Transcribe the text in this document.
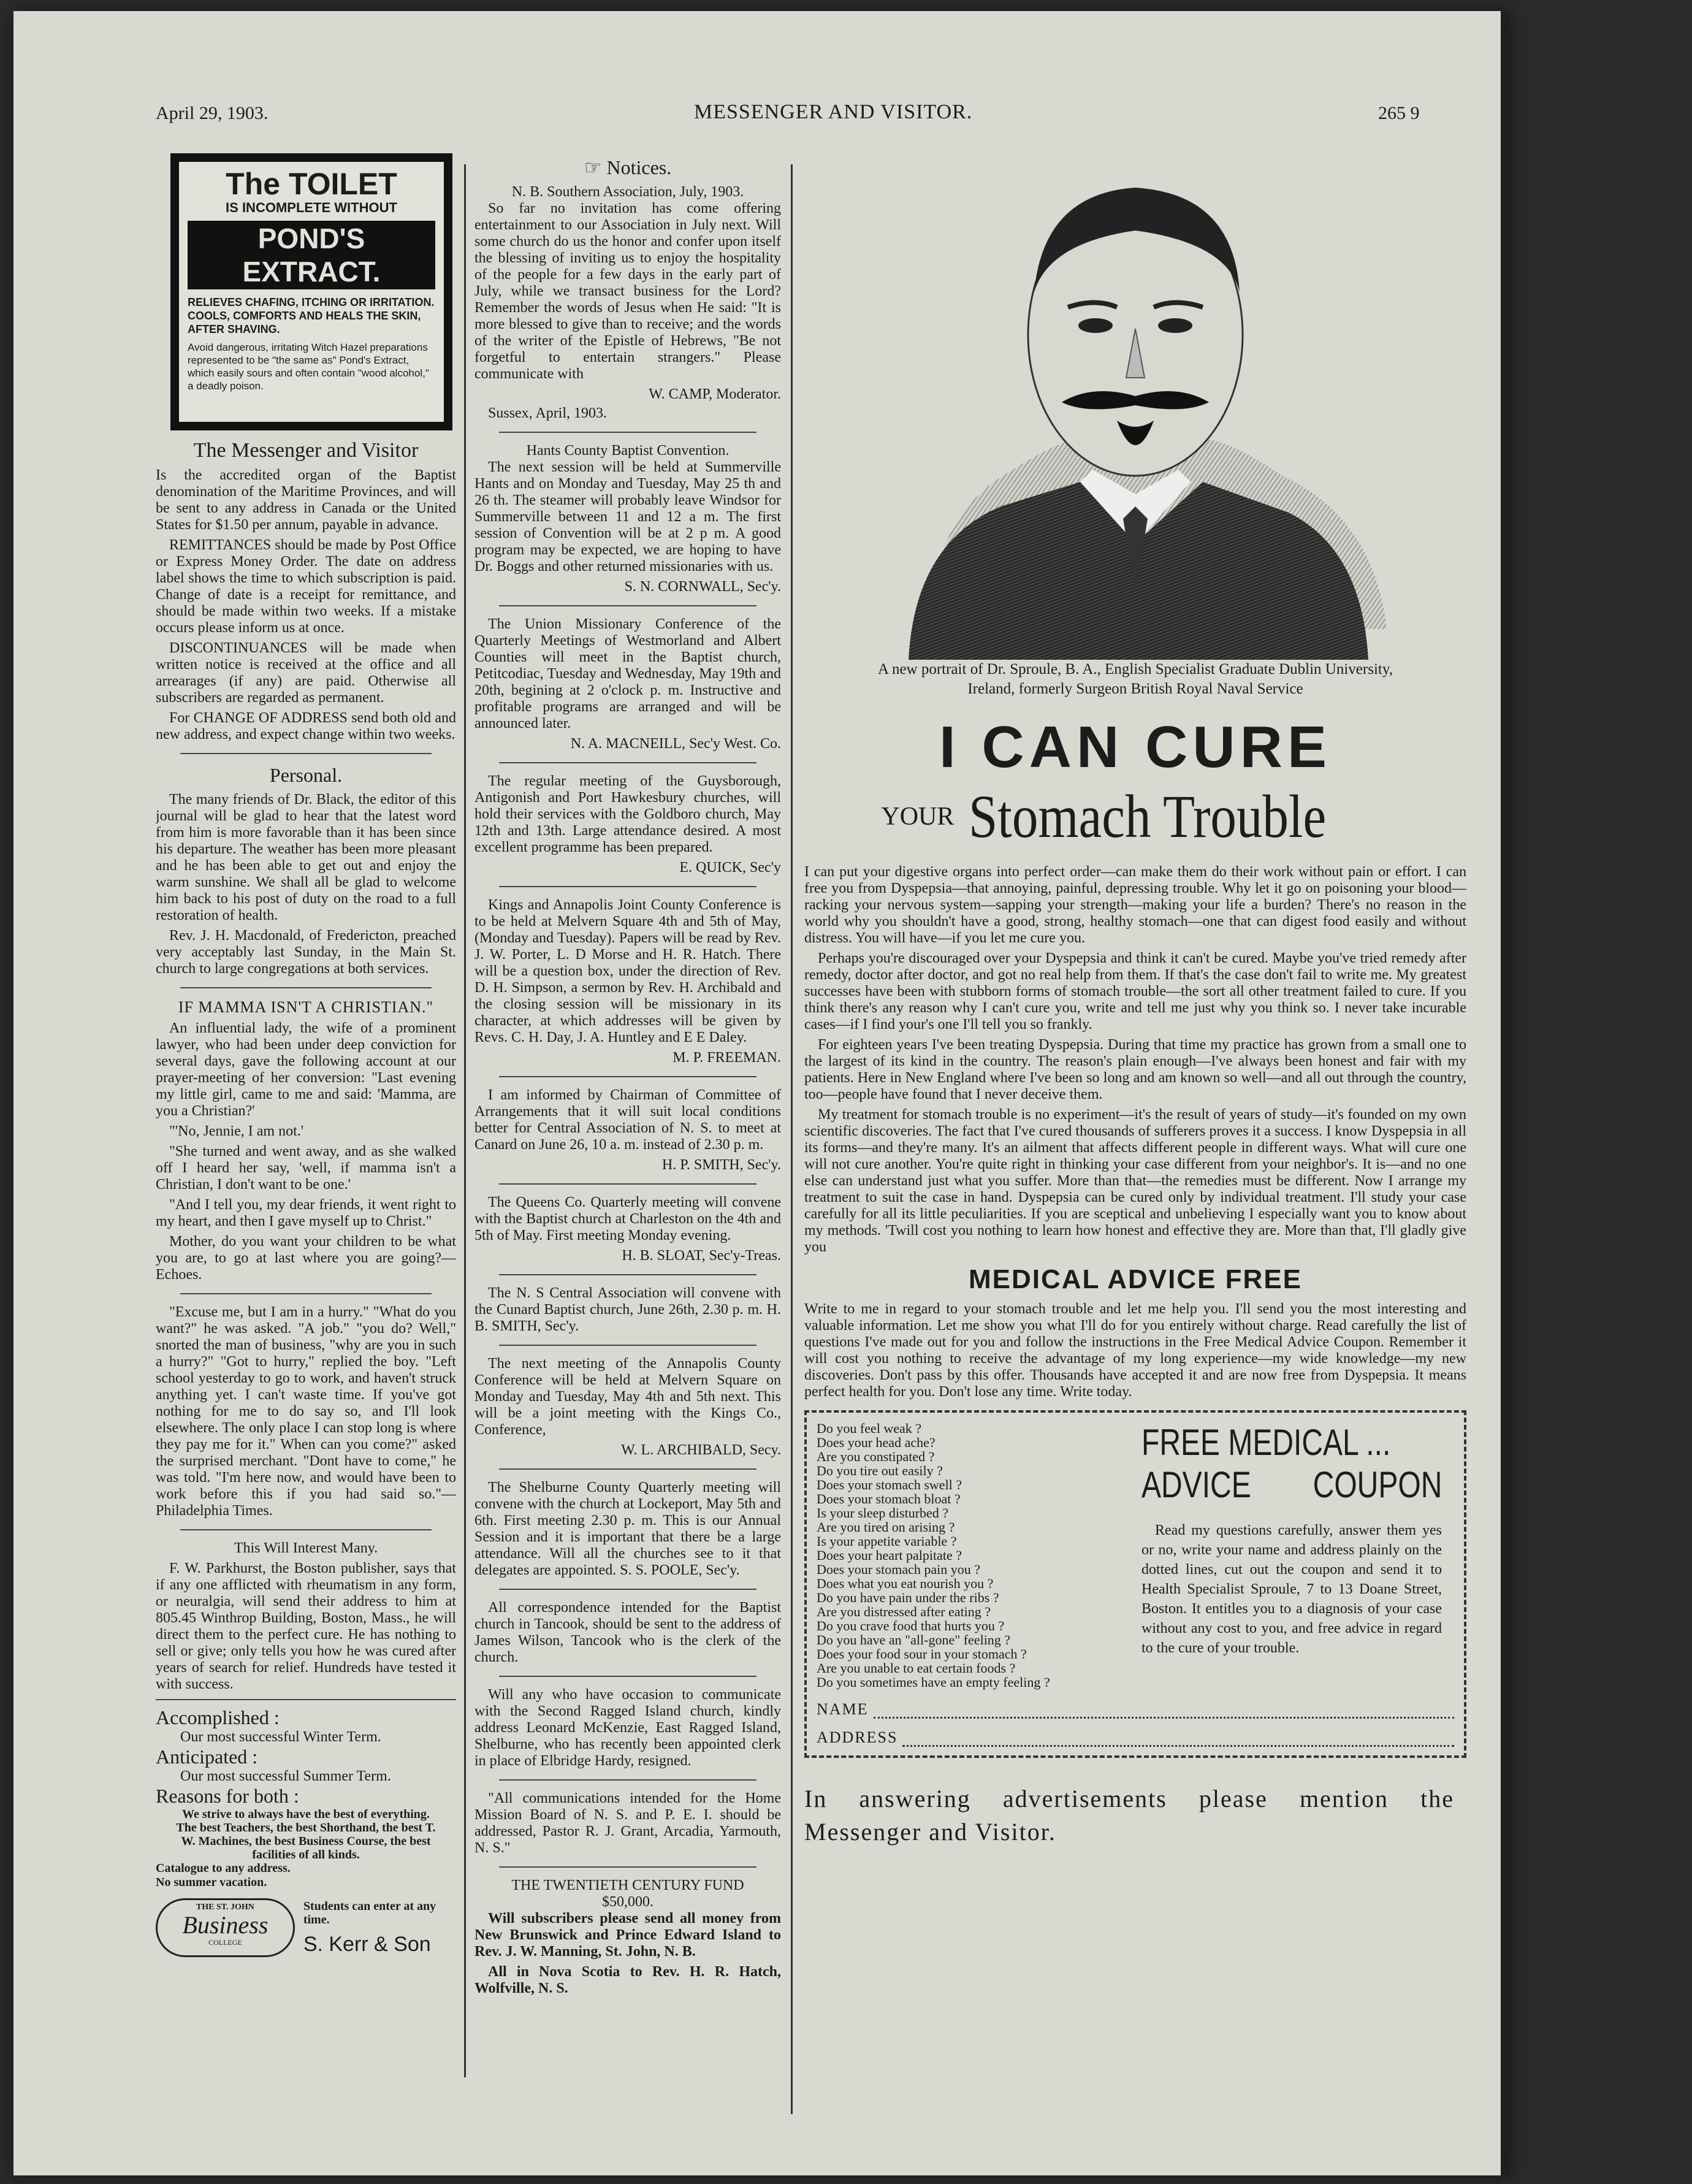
April 29, 1903.	MESSENGER AND VISITOR.	265 9
The TOILET
IS INCOMPLETE WITHOUT
POND'S EXTRACT.
RELIEVES CHAFING, ITCHING OR IRRITATION. COOLS, COMFORTS AND HEALS THE SKIN, AFTER SHAVING.
Avoid dangerous, irritating Witch Hazel preparations represented to be "the same as" Pond's Extract, which easily sours and often contain "wood alcohol," a deadly poison.
The Messenger and Visitor

Is the accredited organ of the Baptist denomination of the Maritime Provinces, and will be sent to any address in Canada or the United States for $1.50 per annum, payable in advance.

REMITTANCES should be made by Post Office or Express Money Order. The date on address label shows the time to which subscription is paid. Change of date is a receipt for remittance, and should be made within two weeks. If a mistake occurs please inform us at once.

DISCONTINUANCES will be made when written notice is received at the office and all arrearages (if any) are paid. Otherwise all subscribers are regarded as permanent.

For CHANGE OF ADDRESS send both old and new address, and expect change within two weeks.

Personal.

The many friends of Dr. Black, the editor of this journal will be glad to hear that the latest word from him is more favorable than it has been since his departure. The weather has been more pleasant and he has been able to get out and enjoy the warm sunshine. We shall all be glad to welcome him back to his post of duty on the road to a full restoration of health.

Rev. J. H. Macdonald, of Fredericton, preached very acceptably last Sunday, in the Main St. church to large congregations at both services.

IF MAMMA ISN'T A CHRISTIAN."

An influential lady, the wife of a prominent lawyer, who had been under deep conviction for several days, gave the following account at our prayer-meeting of her conversion: "Last evening my little girl, came to me and said: 'Mamma, are you a Christian?'

"'No, Jennie, I am not.'

"She turned and went away, and as she walked off I heard her say, 'well, if mamma isn't a Christian, I don't want to be one.'

"And I tell you, my dear friends, it went right to my heart, and then I gave myself up to Christ."

Mother, do you want your children to be what you are, to go at last where you are going?—Echoes.

"Excuse me, but I am in a hurry." "What do you want?" he was asked. "A job." "you do? Well," snorted the man of business, "why are you in such a hurry?" "Got to hurry," replied the boy. "Left school yesterday to go to work, and haven't struck anything yet. I can't waste time. If you've got nothing for me to do say so, and I'll look elsewhere. The only place I can stop long is where they pay me for it." When can you come?" asked the surprised merchant. "Dont have to come," he was told. "I'm here now, and would have been to work before this if you had said so."—Philadelphia Times.

This Will Interest Many.

F. W. Parkhurst, the Boston publisher, says that if any one afflicted with rheumatism in any form, or neuralgia, will send their address to him at 805.45 Winthrop Building, Boston, Mass., he will direct them to the perfect cure. He has nothing to sell or give; only tells you how he was cured after years of search for relief. Hundreds have tested it with success.

Accomplished :
Our most successful Winter Term.
Anticipated :
Our most successful Summer Term.
Reasons for both :
We strive to always have the best of everything. The best Teachers, the best Shorthand, the best T. W. Machines, the best Business Course, the best facilities of all kinds.
Catalogue to any address.
No summer vacation.
THE ST. JOHN
Business
COLLEGE
Students can enter at any time.
S. Kerr & Son
☞ Notices.
N. B. Southern Association, July, 1903.

So far no invitation has come offering entertainment to our Association in July next. Will some church do us the honor and confer upon itself the blessing of inviting us to enjoy the hospitality of the people for a few days in the early part of July, while we transact business for the Lord? Remember the words of Jesus when He said: "It is more blessed to give than to receive; and the words of the writer of the Epistle of Hebrews, "Be not forgetful to entertain strangers." Please communicate with

W. CAMP, Moderator.

Sussex, April, 1903.

Hants County Baptist Convention.

The next session will be held at Summerville Hants and on Monday and Tuesday, May 25 th and 26 th. The steamer will probably leave Windsor for Summerville between 11 and 12 a m. The first session of Convention will be at 2 p m. A good program may be expected, we are hoping to have Dr. Boggs and other returned missionaries with us.

S. N. CORNWALL, Sec'y.

The Union Missionary Conference of the Quarterly Meetings of Westmorland and Albert Counties will meet in the Baptist church, Petitcodiac, Tuesday and Wednesday, May 19th and 20th, begining at 2 o'clock p. m. Instructive and profitable programs are arranged and will be announced later.

N. A. MACNEILL, Sec'y West. Co.

The regular meeting of the Guysborough, Antigonish and Port Hawkesbury churches, will hold their services with the Goldboro church, May 12th and 13th. Large attendance desired. A most excellent programme has been prepared.

E. QUICK, Sec'y

Kings and Annapolis Joint County Conference is to be held at Melvern Square 4th and 5th of May, (Monday and Tuesday). Papers will be read by Rev. J. W. Porter, L. D Morse and H. R. Hatch. There will be a question box, under the direction of Rev. D. H. Simpson, a sermon by Rev. H. Archibald and the closing session will be missionary in its character, at which addresses will be given by Revs. C. H. Day, J. A. Huntley and E E Daley.

M. P. FREEMAN.

I am informed by Chairman of Committee of Arrangements that it will suit local conditions better for Central Association of N. S. to meet at Canard on June 26, 10 a. m. instead of 2.30 p. m.

H. P. SMITH, Sec'y.

The Queens Co. Quarterly meeting will convene with the Baptist church at Charleston on the 4th and 5th of May. First meeting Monday evening.

H. B. SLOAT, Sec'y-Treas.

The N. S Central Association will convene with the Cunard Baptist church, June 26th, 2.30 p. m. H. B. SMITH, Sec'y.

The next meeting of the Annapolis County Conference will be held at Melvern Square on Monday and Tuesday, May 4th and 5th next. This will be a joint meeting with the Kings Co., Conference,

W. L. ARCHIBALD, Secy.

The Shelburne County Quarterly meeting will convene with the church at Lockeport, May 5th and 6th. First meeting 2.30 p. m. This is our Annual Session and it is important that there be a large attendance. Will all the churches see to it that delegates are appointed. S. S. POOLE, Sec'y.

All correspondence intended for the Baptist church in Tancook, should be sent to the address of James Wilson, Tancook who is the clerk of the church.

Will any who have occasion to communicate with the Second Ragged Island church, kindly address Leonard McKenzie, East Ragged Island, Shelburne, who has recently been appointed clerk in place of Elbridge Hardy, resigned.

"All communications intended for the Home Mission Board of N. S. and P. E. I. should be addressed, Pastor R. J. Grant, Arcadia, Yarmouth, N. S."

THE TWENTIETH CENTURY FUND
$50,000.

Will subscribers please send all money from New Brunswick and Prince Edward Island to Rev. J. W. Manning, St. John, N. B.

All in Nova Scotia to Rev. H. R. Hatch, Wolfville, N. S.

A new portrait of Dr. Sproule, B. A., English Specialist Graduate Dublin University, Ireland, formerly Surgeon British Royal Naval Service
I CAN CURE
YOUR Stomach Trouble

I can put your digestive organs into perfect order—can make them do their work without pain or effort. I can free you from Dyspepsia—that annoying, painful, depressing trouble. Why let it go on poisoning your blood—racking your nervous system—sapping your strength—making your life a burden? There's no reason in the world why you shouldn't have a good, strong, healthy stomach—one that can digest food easily and without distress. You will have—if you let me cure you.

Perhaps you're discouraged over your Dyspepsia and think it can't be cured. Maybe you've tried remedy after remedy, doctor after doctor, and got no real help from them. If that's the case don't fail to write me. My greatest successes have been with stubborn forms of stomach trouble—the sort all other treatment failed to cure. If you think there's any reason why I can't cure you, write and tell me just why you think so. I never take incurable cases—if I find your's one I'll tell you so frankly.

For eighteen years I've been treating Dyspepsia. During that time my practice has grown from a small one to the largest of its kind in the country. The reason's plain enough—I've always been honest and fair with my patients. Here in New England where I've been so long and am known so well—and all out through the country, too—people have found that I never deceive them.

My treatment for stomach trouble is no experiment—it's the result of years of study—it's founded on my own scientific discoveries. The fact that I've cured thousands of sufferers proves it a success. I know Dyspepsia in all its forms—and they're many. It's an ailment that affects different people in different ways. What will cure one will not cure another. You're quite right in thinking your case different from your neighbor's. It is—and no one else can understand just what you suffer. More than that—the remedies must be different. Now I arrange my treatment to suit the case in hand. Dyspepsia can be cured only by individual treatment. I'll study your case carefully for all its little peculiarities. If you are sceptical and unbelieving I especially want you to know about my methods. 'Twill cost you nothing to learn how honest and effective they are. More than that, I'll gladly give you

MEDICAL ADVICE FREE

Write to me in regard to your stomach trouble and let me help you. I'll send you the most interesting and valuable information. Let me show you what I'll do for you entirely without charge. Read carefully the list of questions I've made out for you and follow the instructions in the Free Medical Advice Coupon. Remember it will cost you nothing to receive the advantage of my long experience—my wide knowledge—my new discoveries. Don't pass by this offer. Thousands have accepted it and are now free from Dyspepsia. It means perfect health for you. Don't lose any time. Write today.

Do you feel weak ?
Does your head ache?
Are you constipated ?
Do you tire out easily ?
Does your stomach swell ?
Does your stomach bloat ?
Is your sleep disturbed ?
Are you tired on arising ?
Is your appetite variable ?
Does your heart palpitate ?
Does your stomach pain you ?
Does what you eat nourish you ?
Do you have pain under the ribs ?
Are you distressed after eating ?
Do you crave food that hurts you ?
Do you have an "all-gone" feeling ?
Does your food sour in your stomach ?
Are you unable to eat certain foods ?
Do you sometimes have an empty feeling ?
FREE MEDICAL ...
ADVICE COUPON

Read my questions carefully, answer them yes or no, write your name and address plainly on the dotted lines, cut out the coupon and send it to Health Specialist Sproule, 7 to 13 Doane Street, Boston. It entitles you to a diagnosis of your case without any cost to you, and free advice in regard to the cure of your trouble.

NAME
ADDRESS
In answering advertisements please mention the Messenger and Visitor.
